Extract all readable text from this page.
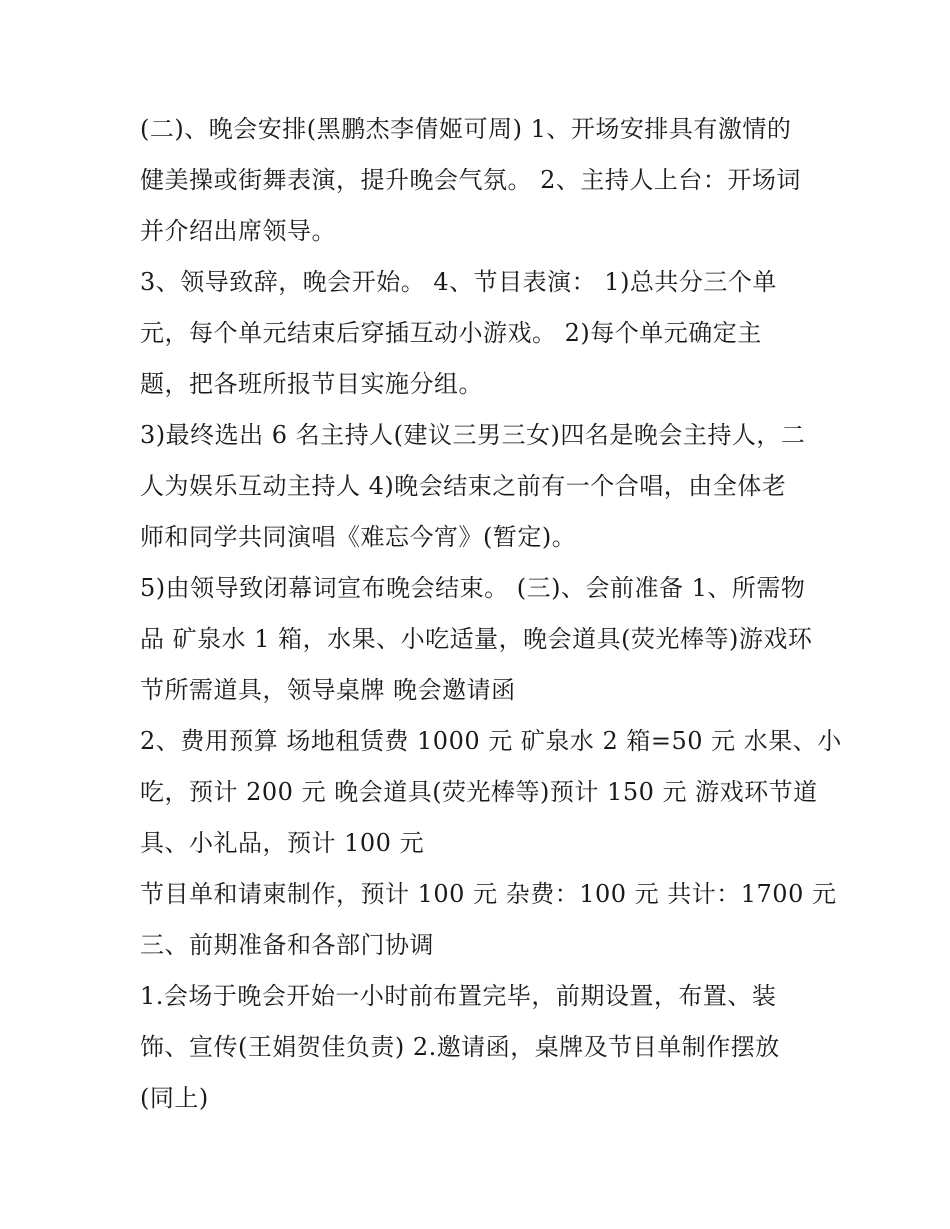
(二)、晚会安排(黑鹏杰李倩姬可周) 1、开场安排具有激情的
健美操或街舞表演，提升晚会气氛。 2、主持人上台：开场词
并介绍出席领导。
3、领导致辞，晚会开始。 4、节目表演： 1)总共分三个单
元，每个单元结束后穿插互动小游戏。 2)每个单元确定主
题，把各班所报节目实施分组。
3)最终选出 6 名主持人(建议三男三女)四名是晚会主持人，二
人为娱乐互动主持人 4)晚会结束之前有一个合唱，由全体老
师和同学共同演唱《难忘今宵》(暂定)。
5)由领导致闭幕词宣布晚会结束。 (三)、会前准备 1、所需物
品 矿泉水 1 箱，水果、小吃适量，晚会道具(荧光棒等)游戏环
节所需道具，领导桌牌 晚会邀请函
2、费用预算 场地租赁费 1000 元 矿泉水 2 箱=50 元 水果、小
吃，预计 200 元 晚会道具(荧光棒等)预计 150 元 游戏环节道
具、小礼品，预计 100 元
节目单和请柬制作，预计 100 元 杂费：100 元 共计：1700 元
三、前期准备和各部门协调
1.会场于晚会开始一小时前布置完毕，前期设置，布置、装
饰、宣传(王娟贺佳负责) 2.邀请函，桌牌及节目单制作摆放
(同上)
